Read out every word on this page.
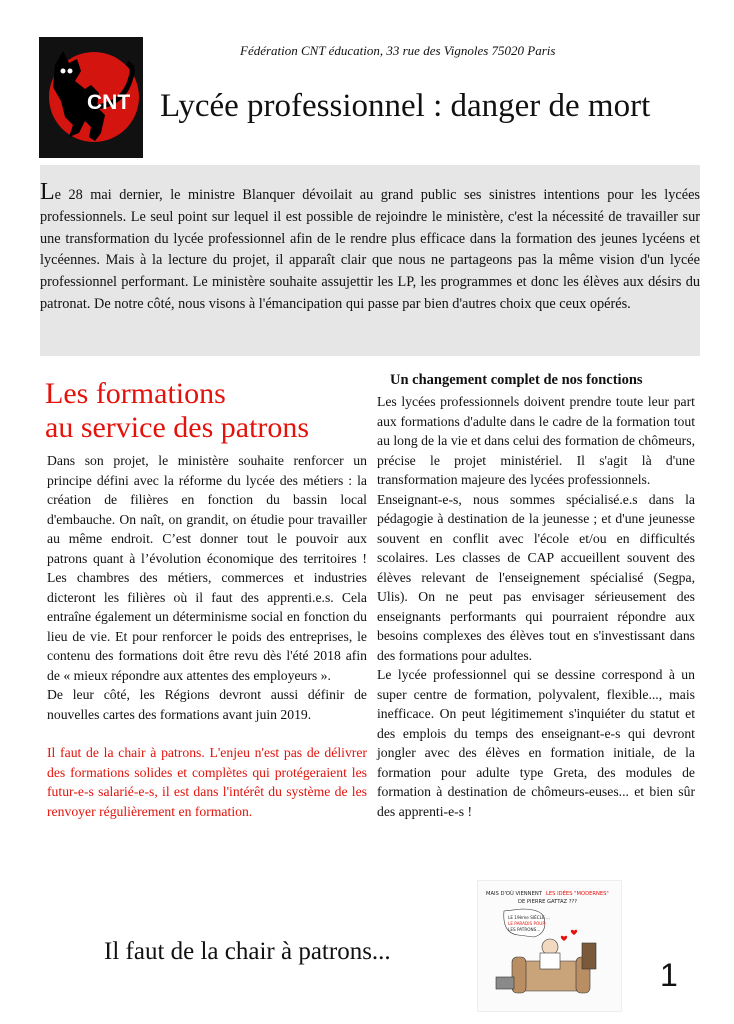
CNT
Fédération CNT éducation, 33 rue des Vignoles 75020 Paris
Lycée professionnel : danger de mort

Le 28 mai dernier, le ministre Blanquer dévoilait au grand public ses sinistres intentions pour les lycées professionnels. Le seul point sur lequel il est possible de rejoindre le ministère, c'est la nécessité de travailler sur une transformation du lycée professionnel afin de le rendre plus efficace dans la formation des jeunes lycéens et lycéennes. Mais à la lecture du projet, il apparaît clair que nous ne partageons pas la même vision d'un lycée professionnel performant. Le ministère souhaite assujettir les LP, les programmes et donc les élèves aux désirs du patronat. De notre côté, nous visons à l'émancipation qui passe par bien d'autres choix que ceux opérés.

Les formations
au service des patrons

Dans son projet, le ministère souhaite renforcer un principe défini avec la réforme du lycée des métiers : la création de filières en fonction du bassin local d'embauche. On naît, on grandit, on étudie pour travailler au même endroit. C’est donner tout le pouvoir aux patrons quant à l’évolution économique des territoires ! Les chambres des métiers, commerces et industries dicteront les filières où il faut des apprenti.e.s. Cela entraîne également un déterminisme social en fonction du lieu de vie. Et pour renforcer le poids des entreprises, le contenu des formations doit être revu dès l'été 2018 afin de « mieux répondre aux attentes des employeurs ».

De leur côté, les Régions devront aussi définir de nouvelles cartes des formations avant juin 2019.

Il faut de la chair à patrons. L'enjeu n'est pas de délivrer des formations solides et complètes qui protégeraient les futur-e-s salarié-e-s, il est dans l'intérêt du système de les renvoyer régulièrement en formation.

Un changement complet de nos fonctions

Les lycées professionnels doivent prendre toute leur part aux formations d'adulte dans le cadre de la formation tout au long de la vie et dans celui des formation de chômeurs, précise le projet ministériel. Il s'agit là d'une transformation majeure des lycées professionnels.

Enseignant-e-s, nous sommes spécialisé.e.s dans la pédagogie à destination de la jeunesse ; et d'une jeunesse souvent en conflit avec l'école et/ou en difficultés scolaires. Les classes de CAP accueillent souvent des élèves relevant de l'enseignement spécialisé (Segpa, Ulis). On ne peut pas envisager sérieusement des enseignants performants qui pourraient répondre aux besoins complexes des élèves tout en s'investissant dans des formations pour adultes.

Le lycée professionnel qui se dessine correspond à un super centre de formation, polyvalent, flexible..., mais inefficace. On peut légitimement s'inquiéter du statut et des emplois du temps des enseignant-e-s qui devront jongler avec des élèves en formation initiale, de la formation pour adulte type Greta, des modules de formation à destination de chômeurs-euses... et bien sûr des apprenti-e-s !

MAIS D'OÙ VIENNENT LES IDÉES "MODERNES"
DE PIERRE GATTAZ ???
LE 19ème SIÈCLE ...
LE PARADIS POUR
LES PATRONS...
Il faut de la chair à patrons...
1
